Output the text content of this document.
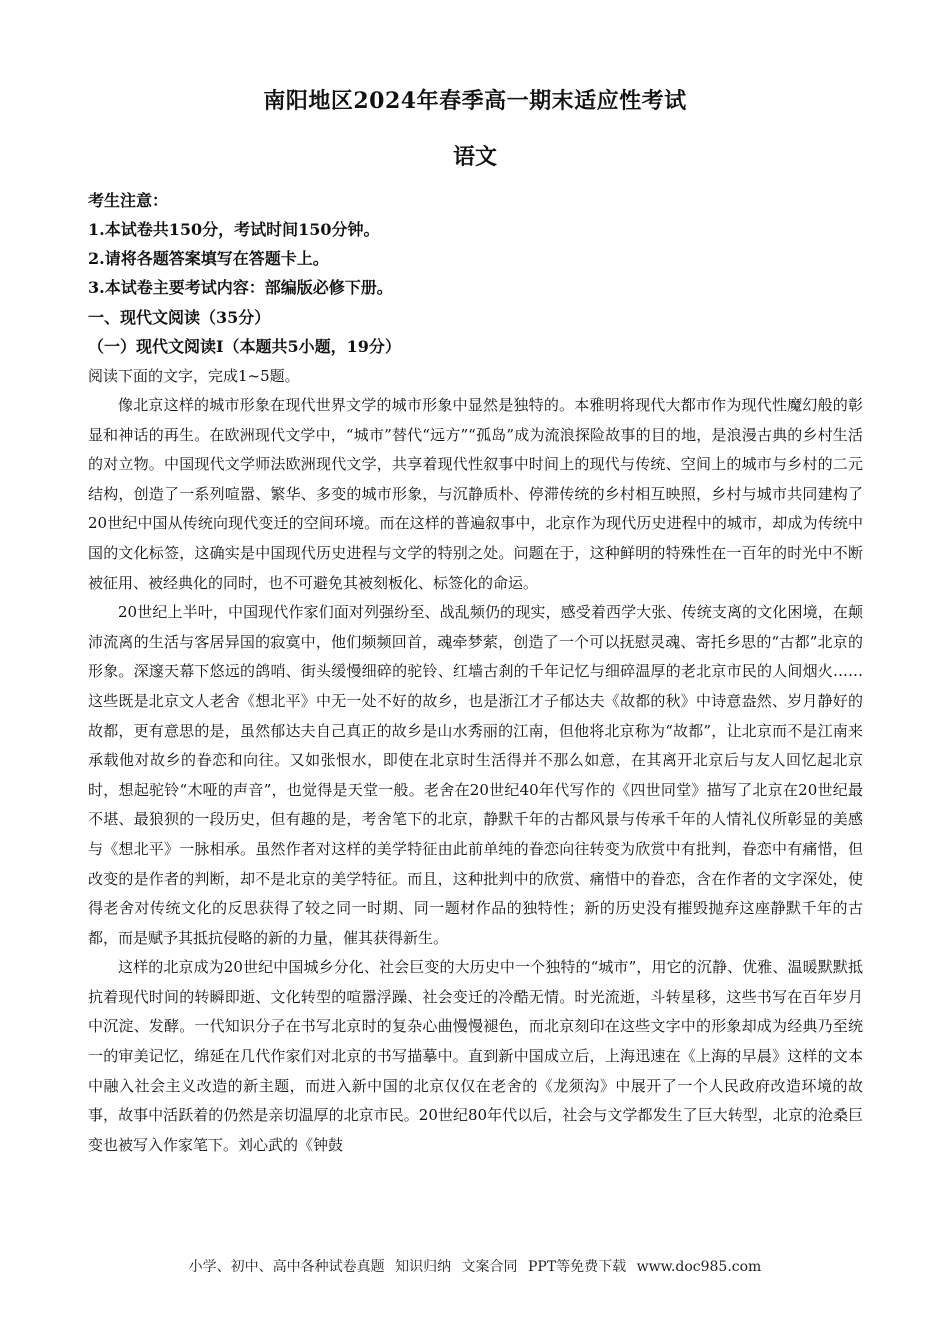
南阳地区2024年春季高一期末适应性考试
语文
考生注意：
1.本试卷共150分，考试时间150分钟。
2.请将各题答案填写在答题卡上。
3.本试卷主要考试内容：部编版必修下册。
一、现代文阅读（35分）
（一）现代文阅读Ⅰ（本题共5小题，19分）
阅读下面的文字，完成1~5题。

像北京这样的城市形象在现代世界文学的城市形象中显然是独特的。本雅明将现代大都市作为现代性魔幻般的彰显和神话的再生。在欧洲现代文学中，“城市”替代“远方”“孤岛”成为流浪探险故事的目的地，是浪漫古典的乡村生活的对立物。中国现代文学师法欧洲现代文学，共享着现代性叙事中时间上的现代与传统、空间上的城市与乡村的二元结构，创造了一系列喧嚣、繁华、多变的城市形象，与沉静质朴、停滞传统的乡村相互映照，乡村与城市共同建构了20世纪中国从传统向现代变迁的空间环境。而在这样的普遍叙事中，北京作为现代历史进程中的城市，却成为传统中国的文化标签，这确实是中国现代历史进程与文学的特别之处。问题在于，这种鲜明的特殊性在一百年的时光中不断被征用、被经典化的同时，也不可避免其被刻板化、标签化的命运。

20世纪上半叶，中国现代作家们面对列强纷至、战乱频仍的现实，感受着西学大张、传统支离的文化困境，在颠沛流离的生活与客居异国的寂寞中，他们频频回首，魂牵梦萦，创造了一个可以抚慰灵魂、寄托乡思的“古都”北京的形象。深邃天幕下悠远的鸽哨、街头缓慢细碎的驼铃、红墙古刹的千年记忆与细碎温厚的老北京市民的人间烟火……这些既是北京文人老舍《想北平》中无一处不好的故乡，也是浙江才子郁达夫《故都的秋》中诗意盎然、岁月静好的故都，更有意思的是，虽然郁达夫自己真正的故乡是山水秀丽的江南，但他将北京称为“故都”，让北京而不是江南来承载他对故乡的眷恋和向往。又如张恨水，即使在北京时生活得并不那么如意，在其离开北京后与友人回忆起北京时，想起驼铃“木哑的声音”，也觉得是天堂一般。老舍在20世纪40年代写作的《四世同堂》描写了北京在20世纪最不堪、最狼狈的一段历史，但有趣的是，考舍笔下的北京，静默千年的古都风景与传承千年的人情礼仪所彰显的美感与《想北平》一脉相承。虽然作者对这样的美学特征由此前单纯的眷恋向往转变为欣赏中有批判，眷恋中有痛惜，但改变的是作者的判断，却不是北京的美学特征。而且，这种批判中的欣赏、痛惜中的眷恋，含在作者的文字深处，使得老舍对传统文化的反思获得了较之同一时期、同一题材作品的独特性；新的历史没有摧毁抛弃这座静默千年的古都，而是赋予其抵抗侵略的新的力量，催其获得新生。

这样的北京成为20世纪中国城乡分化、社会巨变的大历史中一个独特的“城市”，用它的沉静、优雅、温暖默默抵抗着现代时间的转瞬即逝、文化转型的喧嚣浮躁、社会变迁的冷酷无情。时光流逝，斗转星移，这些书写在百年岁月中沉淀、发酵。一代知识分子在书写北京时的复杂心曲慢慢褪色，而北京刻印在这些文字中的形象却成为经典乃至统一的审美记忆，绵延在几代作家们对北京的书写描摹中。直到新中国成立后，上海迅速在《上海的早晨》这样的文本中融入社会主义改造的新主题，而进入新中国的北京仅仅在老舍的《龙须沟》中展开了一个人民政府改造环境的故事，故事中活跃着的仍然是亲切温厚的北京市民。20世纪80年代以后，社会与文学都发生了巨大转型，北京的沧桑巨变也被写入作家笔下。刘心武的《钟鼓

小学、初中、高中各种试卷真题 知识归纳 文案合同 PPT等免费下载 www.doc985.com
